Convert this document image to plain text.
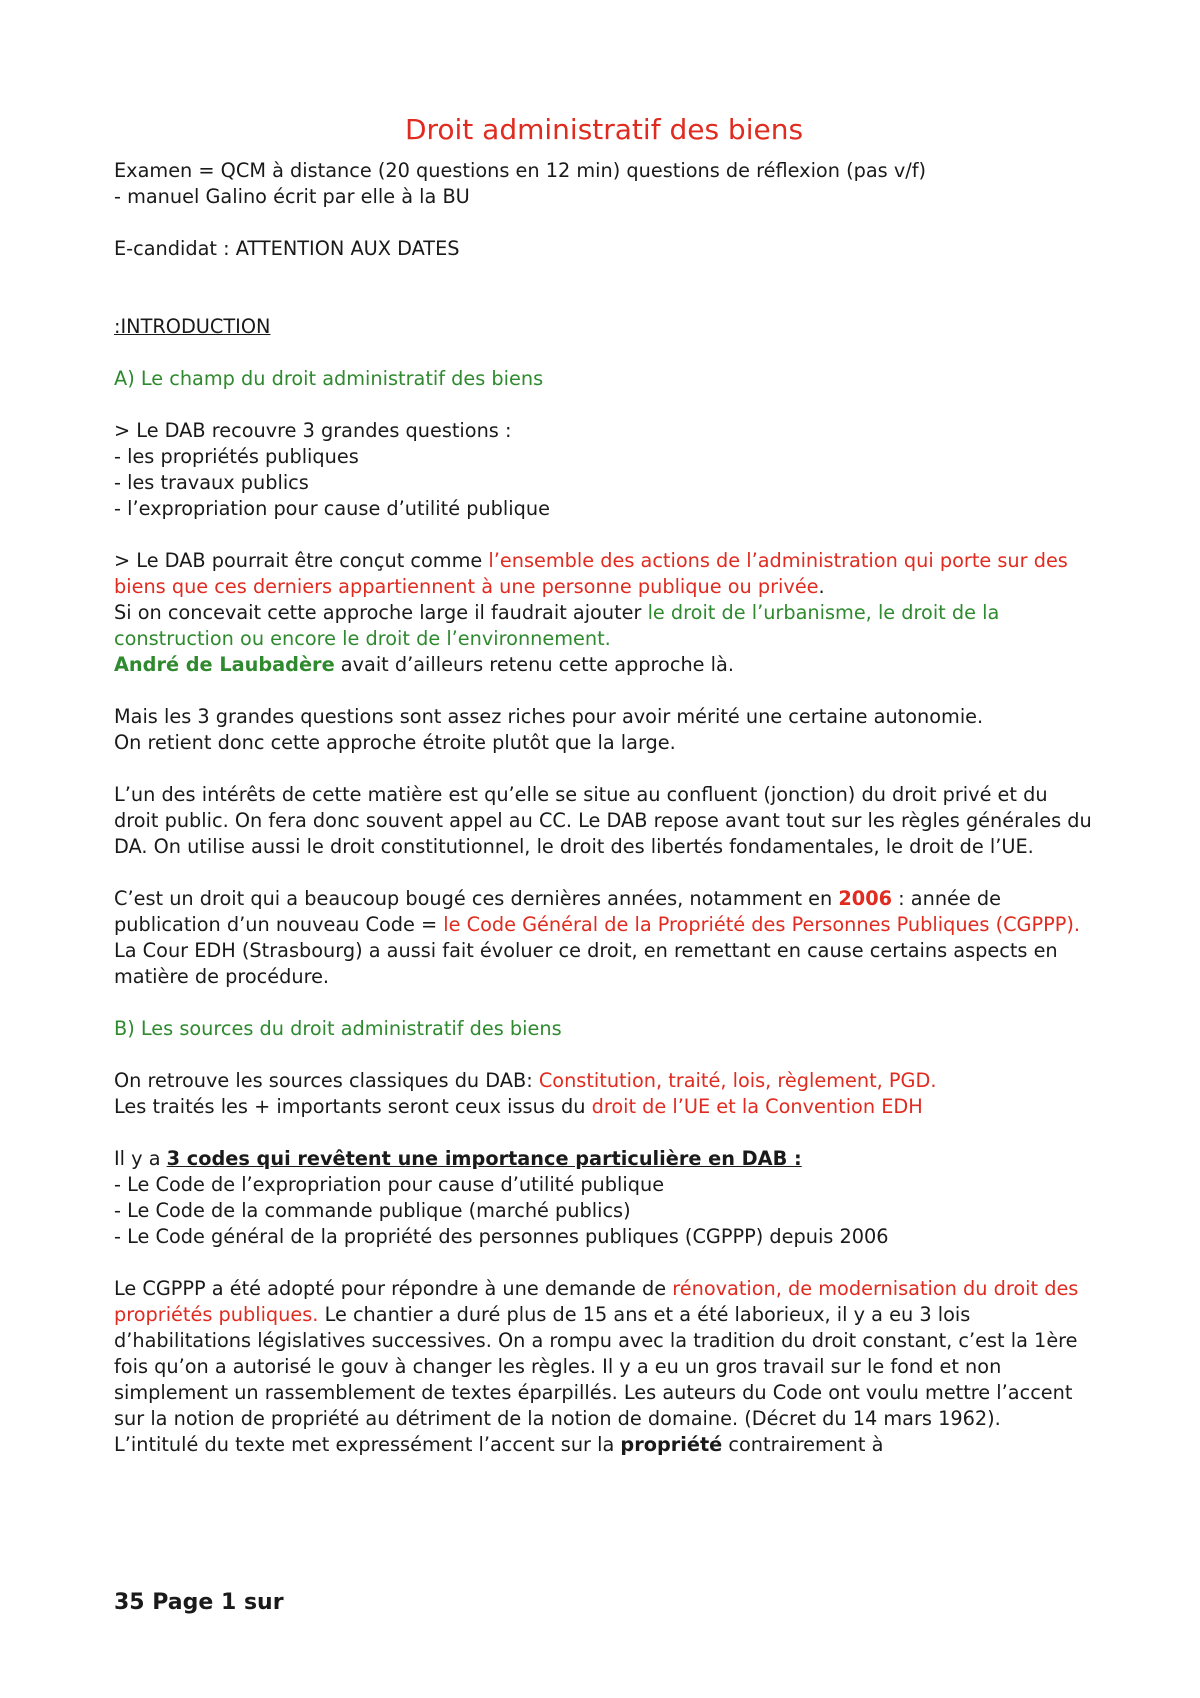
Droit administratif des biens

Examen = QCM à distance (20 questions en 12 min) questions de réflexion (pas v/f)
- manuel Galino écrit par elle à la BU

E-candidat : ATTENTION AUX DATES

:INTRODUCTION

A) Le champ du droit administratif des biens

> Le DAB recouvre 3 grandes questions :
- les propriétés publiques
- les travaux publics
- l’expropriation pour cause d’utilité publique

> Le DAB pourrait être conçut comme l’ensemble des actions de l’administration qui porte sur des biens que ces derniers appartiennent à une personne publique ou privée.
Si on concevait cette approche large il faudrait ajouter le droit de l’urbanisme, le droit de la construction ou encore le droit de l’environnement.
André de Laubadère avait d’ailleurs retenu cette approche là.

Mais les 3 grandes questions sont assez riches pour avoir mérité une certaine autonomie.
On retient donc cette approche étroite plutôt que la large.

L’un des intérêts de cette matière est qu’elle se situe au confluent (jonction) du droit privé et du droit public. On fera donc souvent appel au CC. Le DAB repose avant tout sur les règles générales du DA. On utilise aussi le droit constitutionnel, le droit des libertés fondamentales, le droit de l’UE.

C’est un droit qui a beaucoup bougé ces dernières années, notamment en 2006 : année de publication d’un nouveau Code = le Code Général de la Propriété des Personnes Publiques (CGPPP). La Cour EDH (Strasbourg) a aussi fait évoluer ce droit, en remettant en cause certains aspects en matière de procédure.

B) Les sources du droit administratif des biens

On retrouve les sources classiques du DAB: Constitution, traité, lois, règlement, PGD.
Les traités les + importants seront ceux issus du droit de l’UE et la Convention EDH

Il y a 3 codes qui revêtent une importance particulière en DAB :
- Le Code de l’expropriation pour cause d’utilité publique
- Le Code de la commande publique (marché publics)
- Le Code général de la propriété des personnes publiques (CGPPP) depuis 2006

Le CGPPP a été adopté pour répondre à une demande de rénovation, de modernisation du droit des propriétés publiques. Le chantier a duré plus de 15 ans et a été laborieux, il y a eu 3 lois d’habilitations législatives successives. On a rompu avec la tradition du droit constant, c’est la 1ère fois qu’on a autorisé le gouv à changer les règles. Il y a eu un gros travail sur le fond et non simplement un rassemblement de textes éparpillés. Les auteurs du Code ont voulu mettre l’accent sur la notion de propriété au détriment de la notion de domaine. (Décret du 14 mars 1962).
L’intitulé du texte met expressément l’accent sur la propriété contrairement à

35 Page 1 sur
